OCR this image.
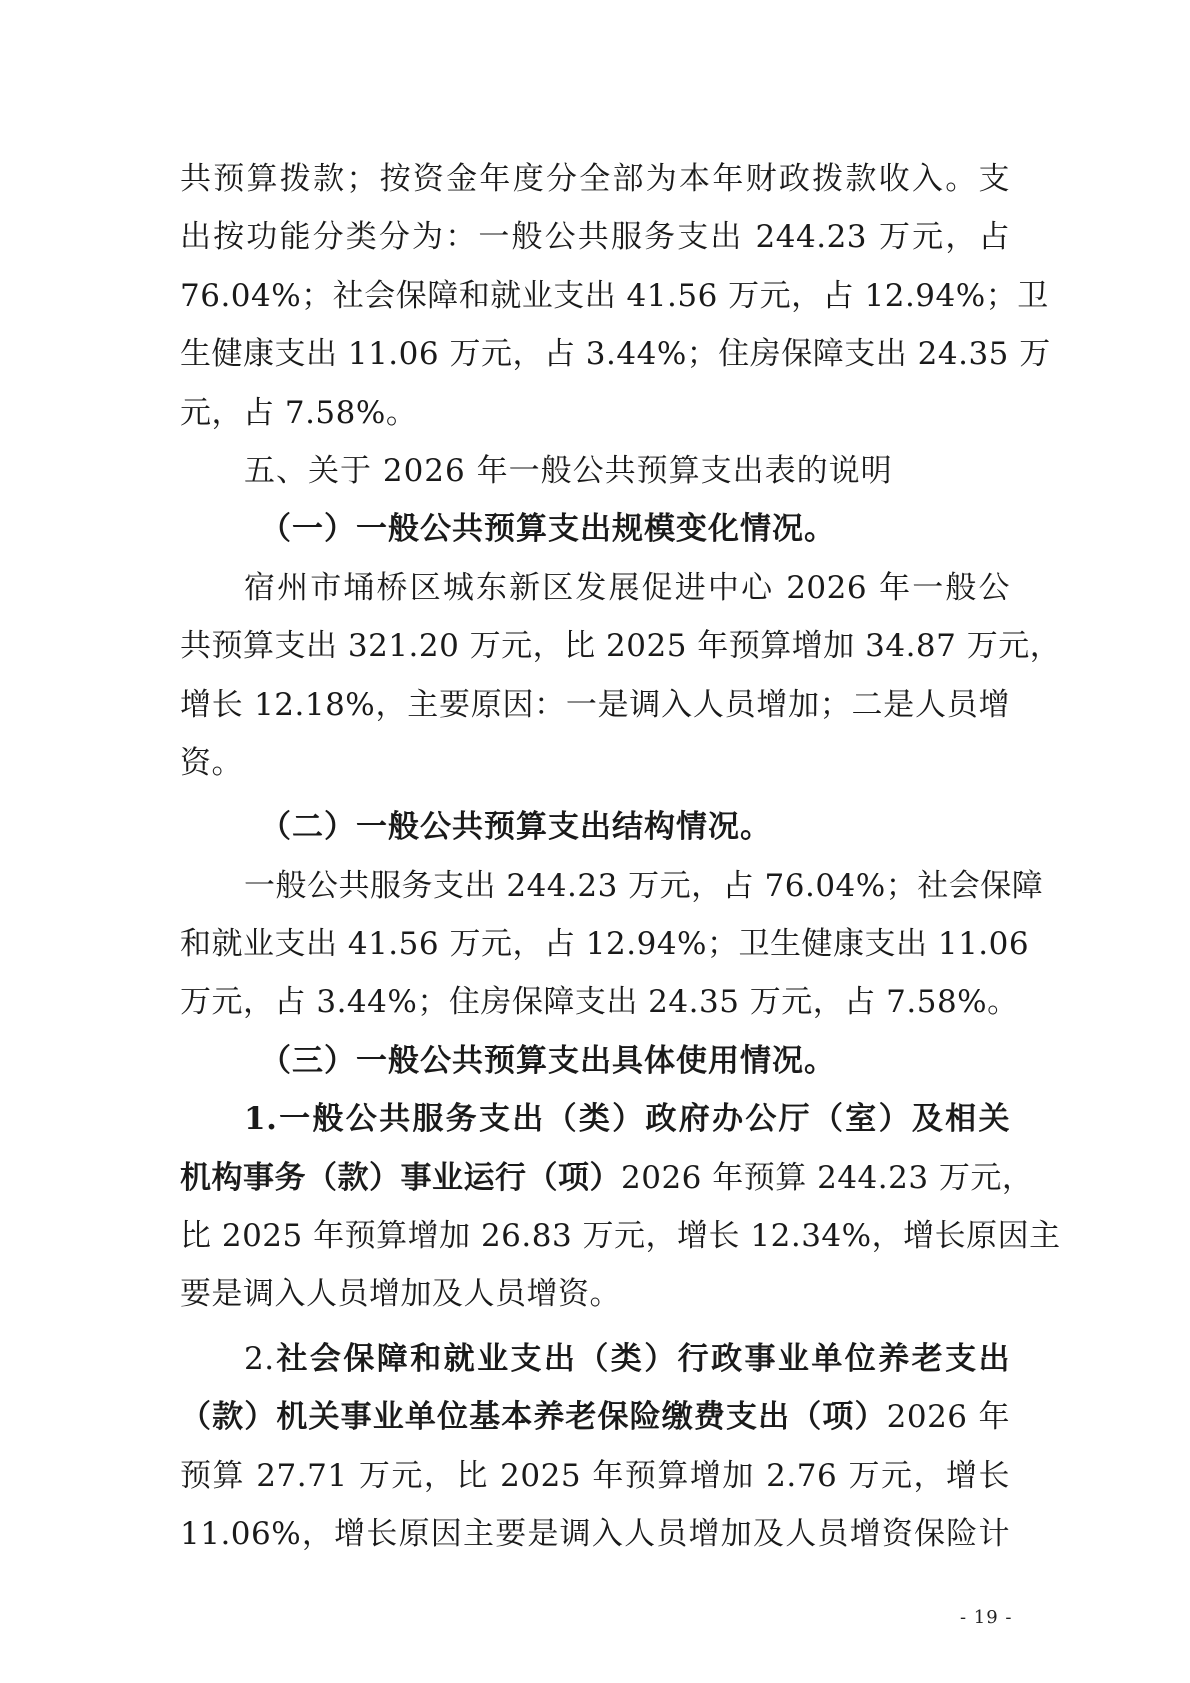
共预算拨款；按资金年度分全部为本年财政拨款收入。支
出按功能分类分为：一般公共服务支出 244.23 万元，占
76.04%；社会保障和就业支出 41.56 万元，占 12.94%；卫
生健康支出 11.06 万元，占 3.44%；住房保障支出 24.35 万
元，占 7.58%。
五、关于 2026 年一般公共预算支出表的说明
（一）一般公共预算支出规模变化情况。
宿州市埇桥区城东新区发展促进中心 2026 年一般公
共预算支出 321.20 万元，比 2025 年预算增加 34.87 万元，
增长 12.18%，主要原因：一是调入人员增加；二是人员增
资。
（二）一般公共预算支出结构情况。
一般公共服务支出 244.23 万元，占 76.04%；社会保障
和就业支出 41.56 万元，占 12.94%；卫生健康支出 11.06
万元，占 3.44%；住房保障支出 24.35 万元，占 7.58%。
（三）一般公共预算支出具体使用情况。
1.一般公共服务支出（类）政府办公厅（室）及相关
机构事务（款）事业运行（项）2026 年预算 244.23 万元，
比 2025 年预算增加 26.83 万元，增长 12.34%，增长原因主
要是调入人员增加及人员增资。
2.社会保障和就业支出（类）行政事业单位养老支出
（款）机关事业单位基本养老保险缴费支出（项）2026 年
预算 27.71 万元，比 2025 年预算增加 2.76 万元，增长
11.06%，增长原因主要是调入人员增加及人员增资保险计
- 19 -
